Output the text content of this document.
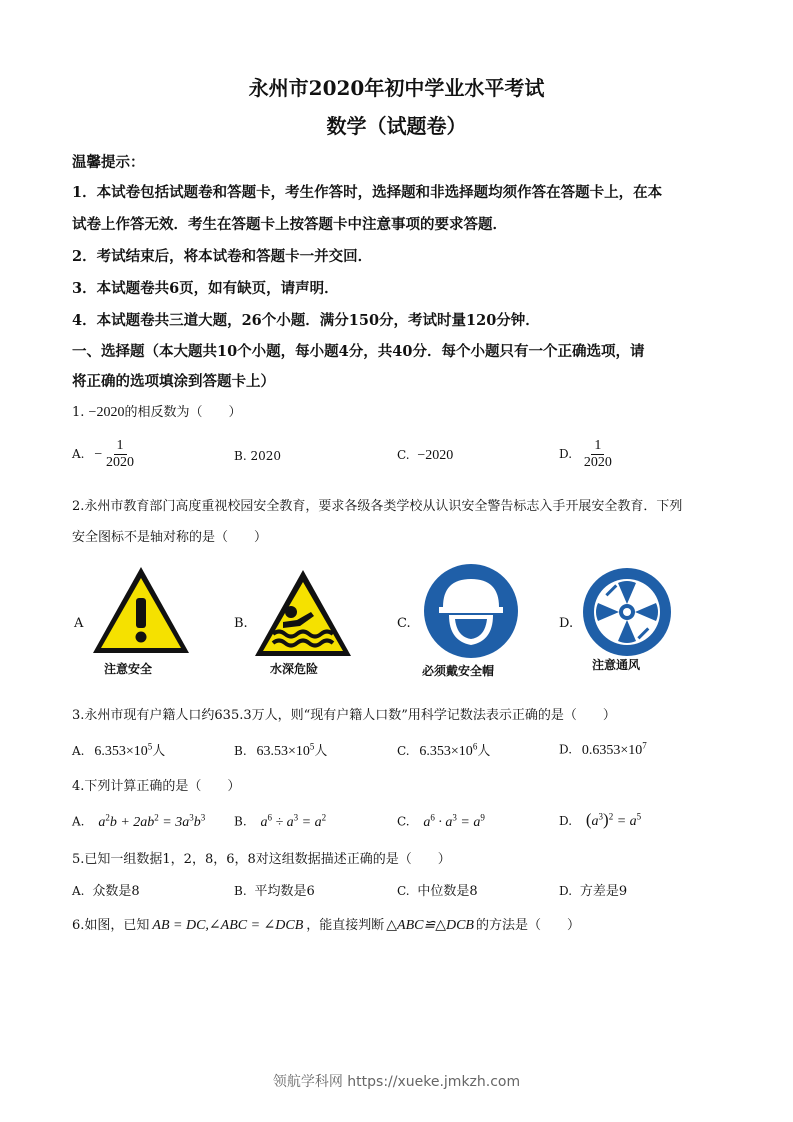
永州市2020年初中学业水平考试
数学（试题卷）
温馨提示：
1．本试卷包括试题卷和答题卡，考生作答时，选择题和非选择题均须作答在答题卡上，在本
试卷上作答无效．考生在答题卡上按答题卡中注意事项的要求答题．
2．考试结束后，将本试卷和答题卡一并交回．
3．本试题卷共6页，如有缺页，请声明．
4．本试题卷共三道大题，26个小题．满分150分，考试时量120分钟．
一、选择题（本大题共10个小题，每小题4分，共40分．每个小题只有一个正确选项，请
将正确的选项填涂到答题卡上）
1. −2020的相反数为（　　）
A. − $\frac{1}{2020}$	B. 2020	C. −2020	D. $\frac{1}{2020}$
2.永州市教育部门高度重视校园安全教育，要求各级各类学校从认识安全警告标志入手开展安全教育．下列
安全图标不是轴对称的是（　　）
A
注意安全
B.
水深危险
C.
必须戴安全帽
D.
注意通风
3.永州市现有户籍人口约635.3万人，则“现有户籍人口数”用科学记数法表示正确的是（　　）
A. $6.353\times 10^5$人	B. $63.53\times 10^5$人	C. $6.353\times 10^6$人	D. $0.6353\times 10^7$
4.下列计算正确的是（　　）
A. $a^2b + 2ab^2 = 3a^3b^3$ B. $a^6 \div a^3 = a^2$	C. $a^6 \cdot a^3 = a^9$	D. $(a^3)^2 = a^5$
5.已知一组数据1，2，8，6，8对这组数据描述正确的是（　　）
A. 众数是8	B. 平均数是6	C. 中位数是8	D. 方差是9
6.如图，已知 AB = DC,∠ABC = ∠DCB ，能直接判断 △ABC≌△DCB 的方法是（　　）
领航学科网 https://xueke.jmkzh.com
